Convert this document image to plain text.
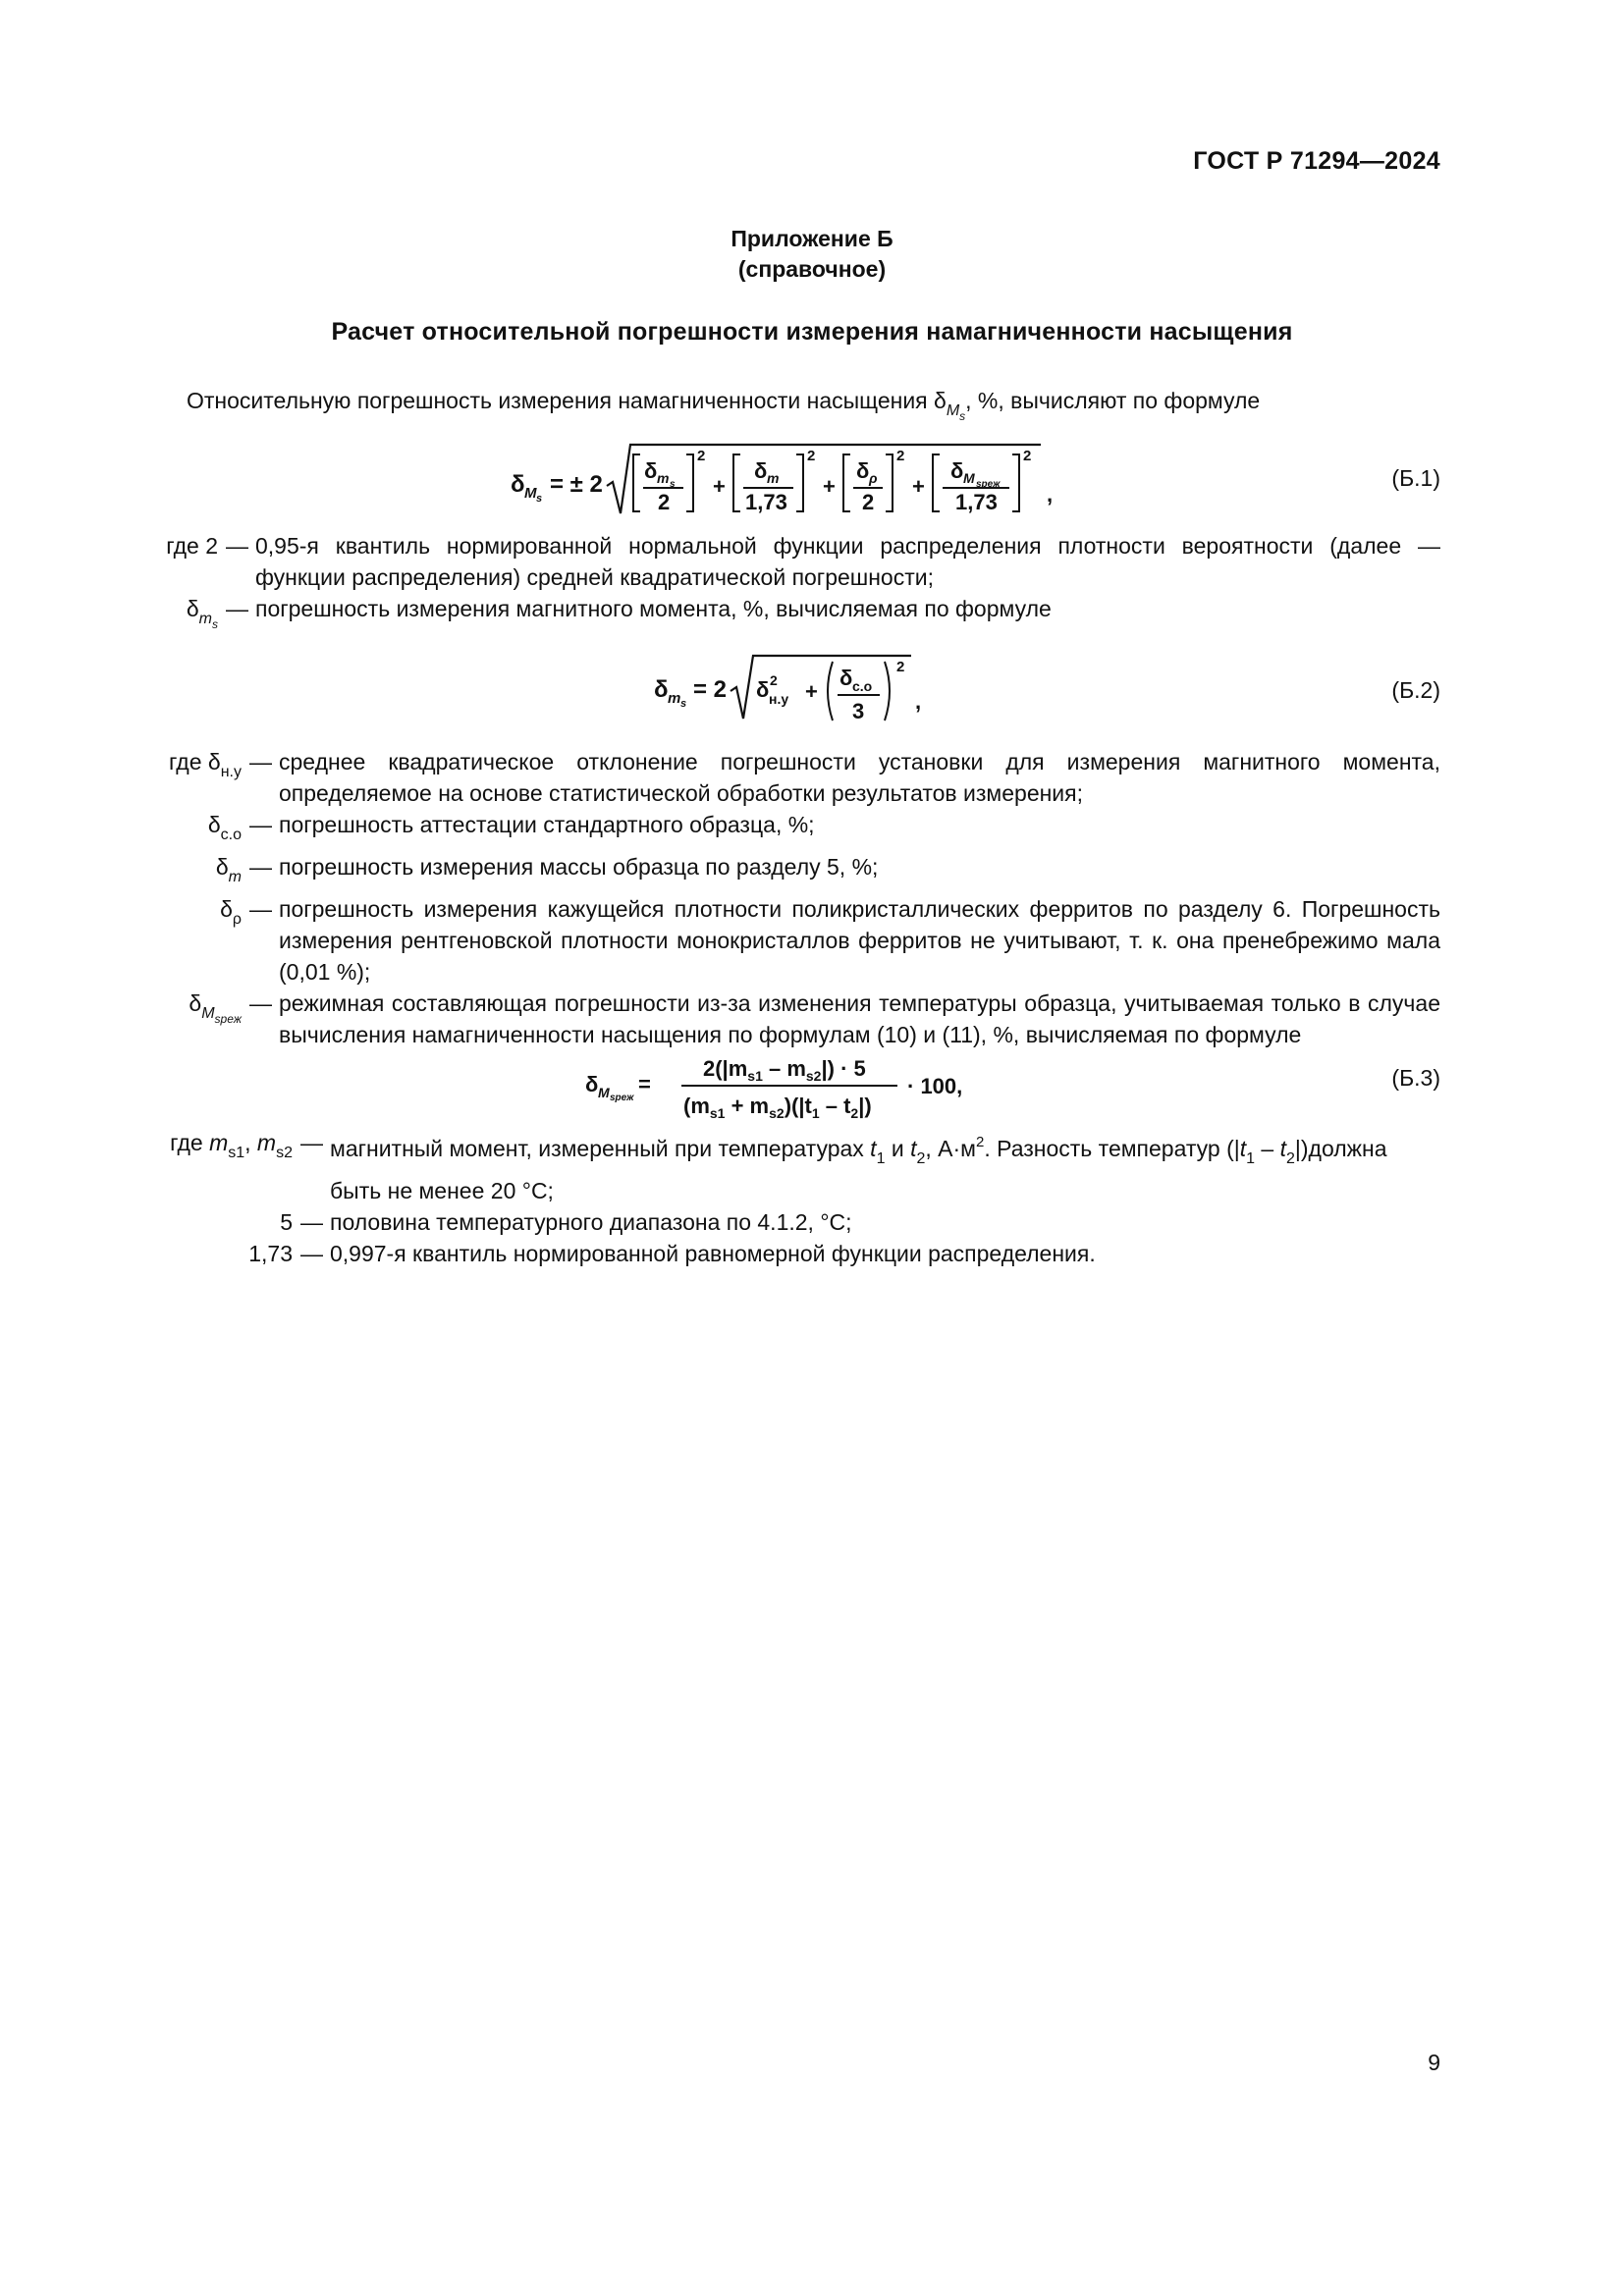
ГОСТ Р 71294—2024
Приложение Б
(справочное)
Расчет относительной погрешности измерения намагниченности насыщения
Относительную погрешность измерения намагниченности насыщения $\delta_{Ms}$, %, вычисляют по формуле
δ M s
= ± 2
δ m s
2
2
+
δ m
1,73
2
+
δ ρ
2
2
+
δ M sреж
1,73
2
,
(Б.1)
где 2 — 0,95-я квантиль нормированной нормальной функции распределения плотности вероятности (далее — функции распределения) средней квадратической погрешности;
$\delta_{ms}$
— погрешность измерения магнитного момента, %, вычисляемая по формуле
δ m s
= 2 δ н.у
2 +
δ c.o
3
2
,	(Б.2)
где $\delta_{н.у}$ — среднее квадратическое отклонение погрешности установки для измерения магнитного момента, определяемое на основе статистической обработки результатов измерения;
$\delta_{с.о}$ — погрешность аттестации стандартного образца, %;
$\delta_m$ — погрешность измерения массы образца по разделу 5, %;
$\delta_\rho$ — погрешность измерения кажущейся плотности поликристаллических ферритов по разделу 6. Погрешность измерения рентгеновской плотности монокристаллов ферритов не учитывают, т. к. она пренебрежимо мала (0,01 %);
$\delta_{Msреж}$
— режимная составляющая погрешности из-за изменения температуры образца, учитываемая только в случае вычисления намагниченности насыщения по формулам (10) и (11), %, вычисляемая по формуле
δ M sреж
=
$2(|m_{s1} - m_{s2}|) \cdot 5$
$(m_{s1} + m_{s2})(|t_1 - t_2|)$
· 100,	(Б.3)
где $m_{s1}$, $m_{s2}$ — магнитный момент, измеренный при температурах $t_1$ и $t_2$, $А\cdot м^2$. Разность температур ($|t_1$ – $t_2|)должна$ быть не менее 20 °С;
5 — половина температурного диапазона по 4.1.2, °С;
1,73 — 0,997-я квантиль нормированной равномерной функции распределения.
9
